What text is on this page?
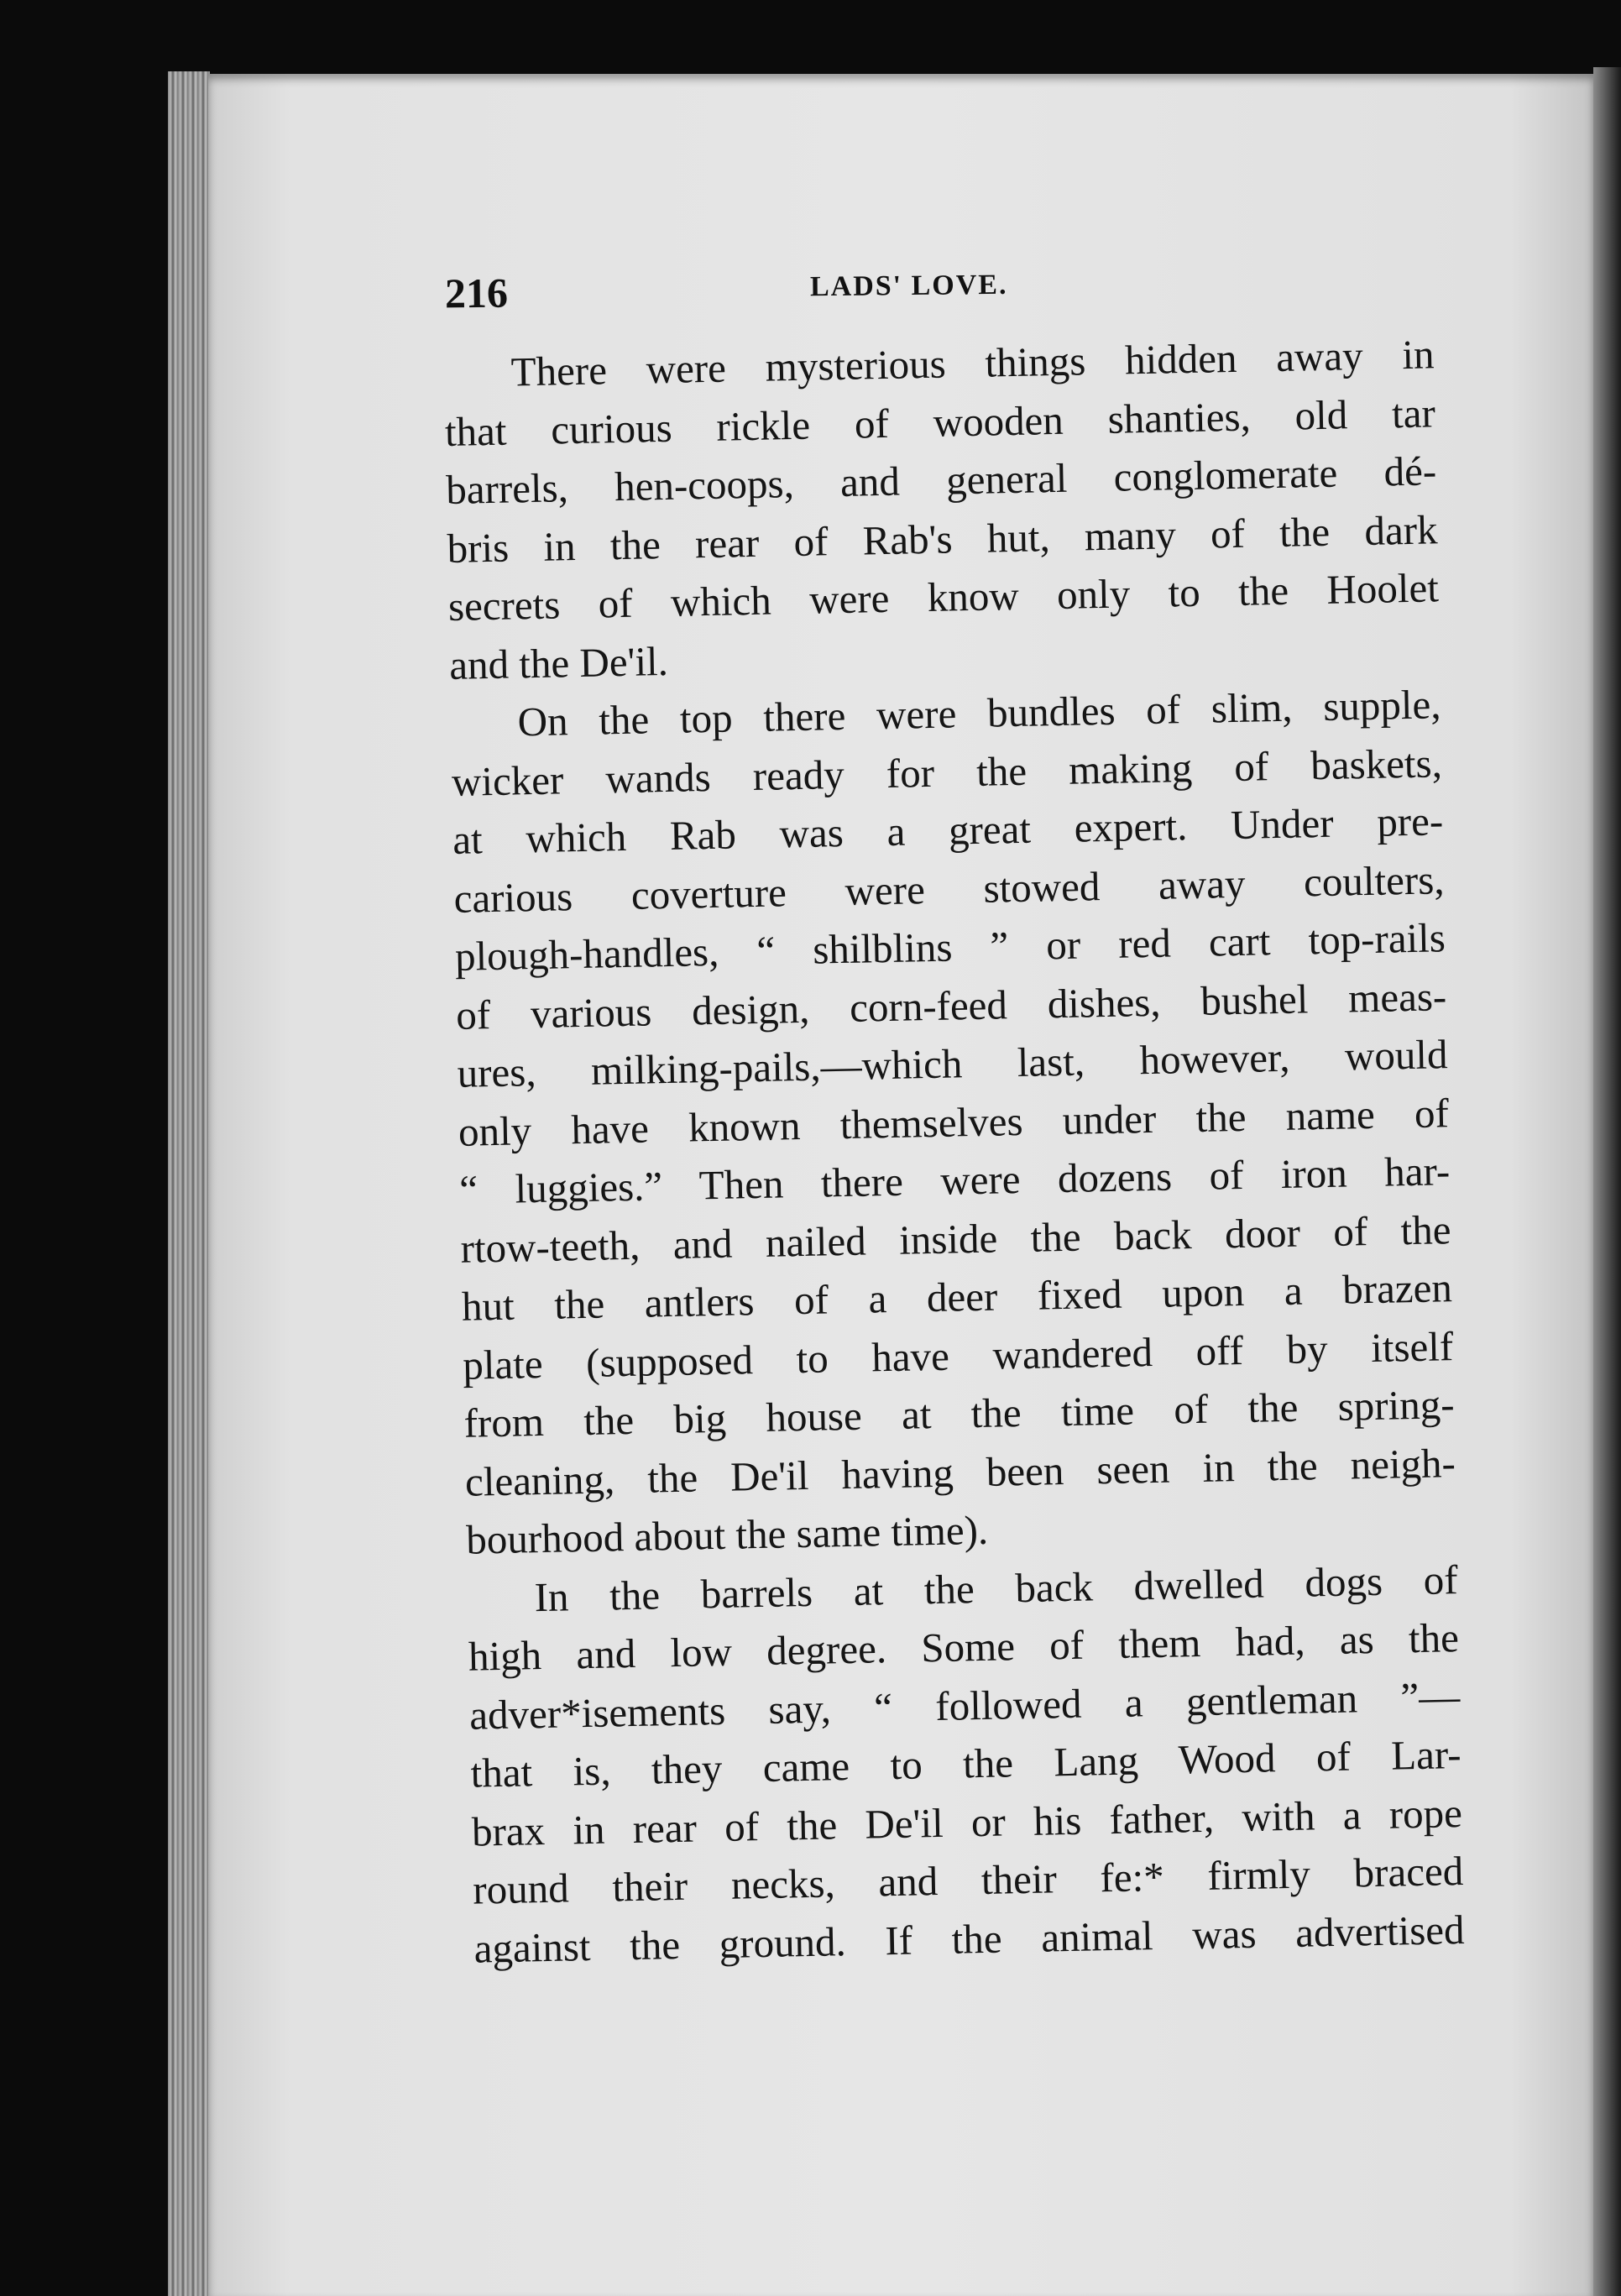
216	LADS' LOVE.
There were mysterious things hidden away in
that curious rickle of wooden shanties, old tar
barrels, hen-coops, and general conglomerate dé-
bris in the rear of Rab's hut, many of the dark
secrets of which were know only to the Hoolet
and the De'il.
On the top there were bundles of slim, supple,
wicker wands ready for the making of baskets,
at which Rab was a great expert. Under pre-
carious coverture were stowed away coulters,
plough-handles, “ shilblins ” or red cart top-rails
of various design, corn-feed dishes, bushel meas-
ures, milking-pails,—which last, however, would
only have known themselves under the name of
“ luggies.” Then there were dozens of iron har-
rtow-teeth, and nailed inside the back door of the
hut the antlers of a deer fixed upon a brazen
plate (supposed to have wandered off by itself
from the big house at the time of the spring-
cleaning, the De'il having been seen in the neigh-
bourhood about the same time).
In the barrels at the back dwelled dogs of
high and low degree. Some of them had, as the
adver*isements say, “ followed a gentleman ”—
that is, they came to the Lang Wood of Lar-
brax in rear of the De'il or his father, with a rope
round their necks, and their fe:* firmly braced
against the ground. If the animal was advertised
